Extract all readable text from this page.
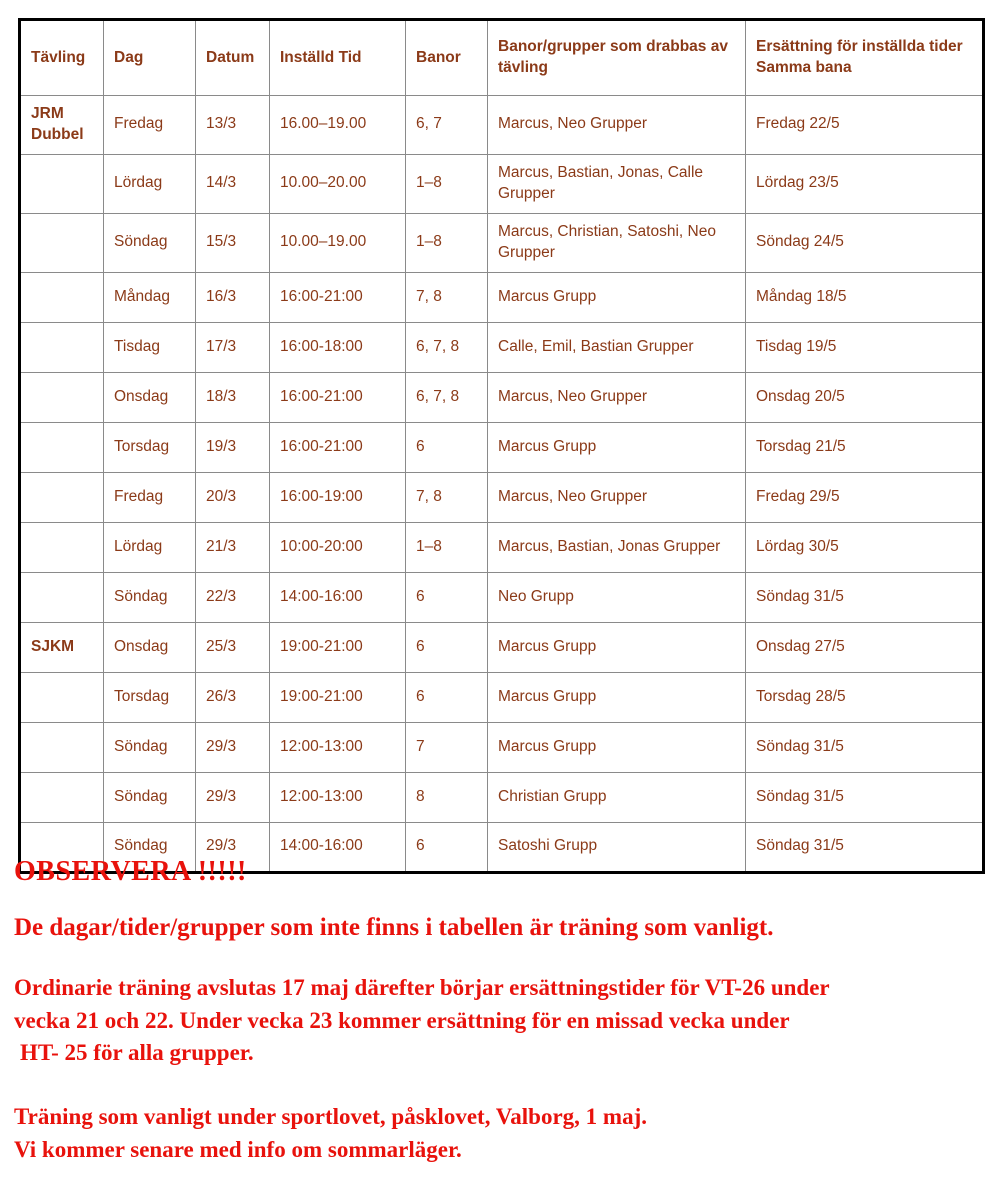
Tävling	Dag	Datum	Inställd Tid	Banor	Banor/grupper som drabbas av tävling	Ersättning för inställda tider
Samma bana
JRM Dubbel	Fredag	13/3	16.00–19.00	6, 7	Marcus, Neo Grupper	Fredag 22/5
	Lördag	14/3	10.00–20.00	1–8	Marcus, Bastian, Jonas, Calle Grupper	Lördag 23/5
	Söndag	15/3	10.00–19.00	1–8	Marcus, Christian, Satoshi, Neo Grupper	Söndag 24/5
	Måndag	16/3	16:00-21:00	7, 8	Marcus Grupp	Måndag 18/5
	Tisdag	17/3	16:00-18:00	6, 7, 8	Calle, Emil, Bastian Grupper	Tisdag 19/5
	Onsdag	18/3	16:00-21:00	6, 7, 8	Marcus, Neo Grupper	Onsdag 20/5
	Torsdag	19/3	16:00-21:00	6	Marcus Grupp	Torsdag 21/5
	Fredag	20/3	16:00-19:00	7, 8	Marcus, Neo Grupper	Fredag 29/5
	Lördag	21/3	10:00-20:00	1–8	Marcus, Bastian, Jonas Grupper	Lördag 30/5
	Söndag	22/3	14:00-16:00	6	Neo Grupp	Söndag 31/5
SJKM	Onsdag	25/3	19:00-21:00	6	Marcus Grupp	Onsdag 27/5
	Torsdag	26/3	19:00-21:00	6	Marcus Grupp	Torsdag 28/5
	Söndag	29/3	12:00-13:00	7	Marcus Grupp	Söndag 31/5
	Söndag	29/3	12:00-13:00	8	Christian Grupp	Söndag 31/5
	Söndag	29/3	14:00-16:00	6	Satoshi Grupp	Söndag 31/5

OBSERVERA !!!!!

De dagar/tider/grupper som inte finns i tabellen är träning som vanligt.

Ordinarie träning avslutas 17 maj därefter börjar ersättningstider för VT-26 under
vecka 21 och 22. Under vecka 23 kommer ersättning för en missad vecka under
HT- 25 för alla grupper.

Träning som vanligt under sportlovet, påsklovet, Valborg, 1 maj.
Vi kommer senare med info om sommarläger.
